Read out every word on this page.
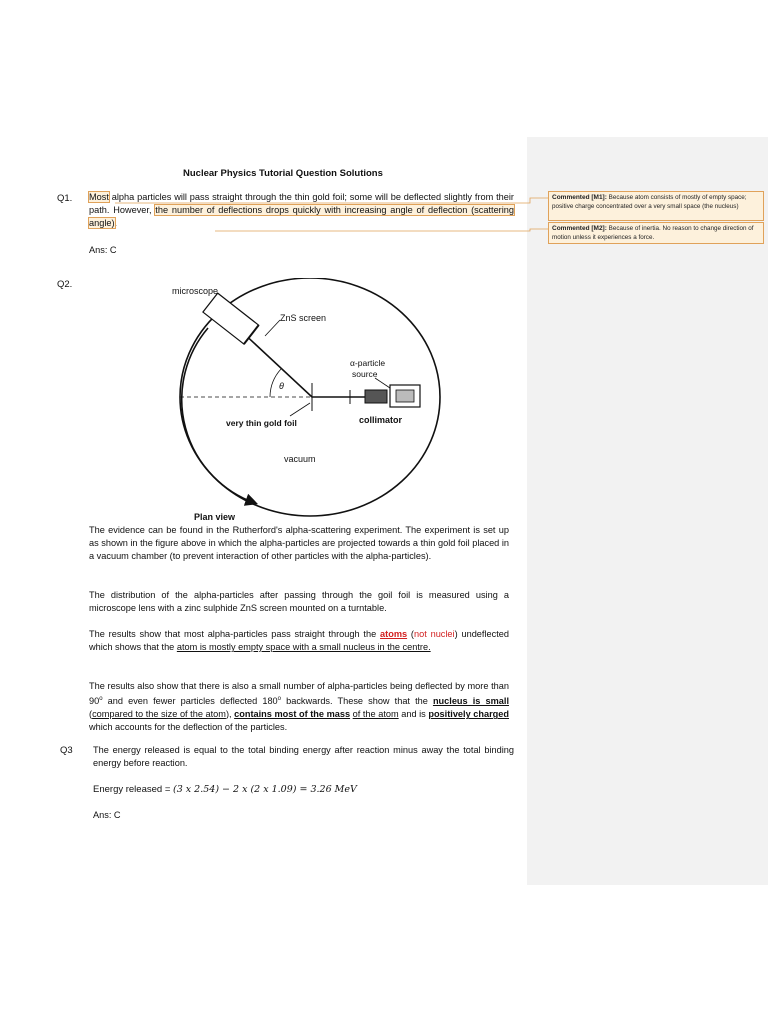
Nuclear Physics Tutorial Question Solutions
Q1. Most alpha particles will pass straight through the thin gold foil; some will be deflected slightly from their path. However, the number of deflections drops quickly with increasing angle of deflection (scattering angle).
Ans: C
Commented [M1]: Because atom consists of mostly of empty space; positive charge concentrated over a very small space (the nucleus)
Commented [M2]: Because of inertia. No reason to change direction of motion unless it experiences a force.
Q2.
microscope
ZnS screen
α-particle
source
θ
very thin gold foil	collimator
vacuum
Plan view
The evidence can be found in the Rutherford's alpha-scattering experiment. The experiment is set up as shown in the figure above in which the alpha-particles are projected towards a thin gold foil placed in a vacuum chamber (to prevent interaction of other particles with the alpha-particles).
The distribution of the alpha-particles after passing through the goil foil is measured using a microscope lens with a zinc sulphide ZnS screen mounted on a turntable.
The results show that most alpha-particles pass straight through the atoms (not nuclei) undeflected which shows that the atom is mostly empty space with a small nucleus in the centre.
The results also show that there is also a small number of alpha-particles being deflected by more than 90$^o$ and even fewer particles deflected 180$^o$ backwards. These show that the nucleus is small (compared to the size of the atom), contains most of the mass of the atom and is positively charged which accounts for the deflection of the particles.
Q3 The energy released is equal to the total binding energy after reaction minus away the total binding energy before reaction.
Energy released = (3 x 2.54) − 2 x (2 x 1.09) = 3.26 MeV
Ans: C
